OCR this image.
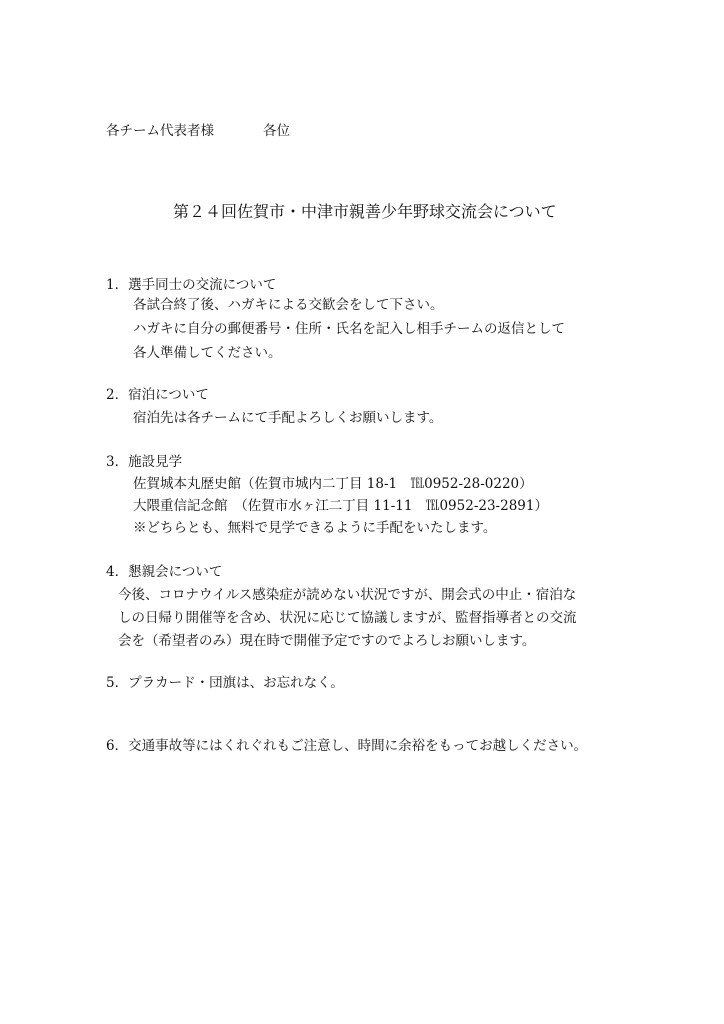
各チーム代表者様	各位
第２４回佐賀市・中津市親善少年野球交流会について
1．選手同士の交流について
各試合終了後、ハガキによる交歓会をして下さい。
ハガキに自分の郵便番号・住所・氏名を記入し相手チームの返信として
各人準備してください。
2．宿泊について
宿泊先は各チームにて手配よろしくお願いします。
3．施設見学
佐賀城本丸歴史館（佐賀市城内二丁目 18-1　℡0952-28-0220）
大隈重信記念館　（佐賀市水ヶ江二丁目 11-11　℡0952-23-2891）
※どちらとも、無料で見学できるように手配をいたします。
4．懇親会について
今後、コロナウイルス感染症が読めない状況ですが、開会式の中止・宿泊な
しの日帰り開催等を含め、状況に応じて協議しますが、監督指導者との交流
会を（希望者のみ）現在時で開催予定ですのでよろしお願いします。
5．プラカード・団旗は、お忘れなく。
6．交通事故等にはくれぐれもご注意し、時間に余裕をもってお越しください。
